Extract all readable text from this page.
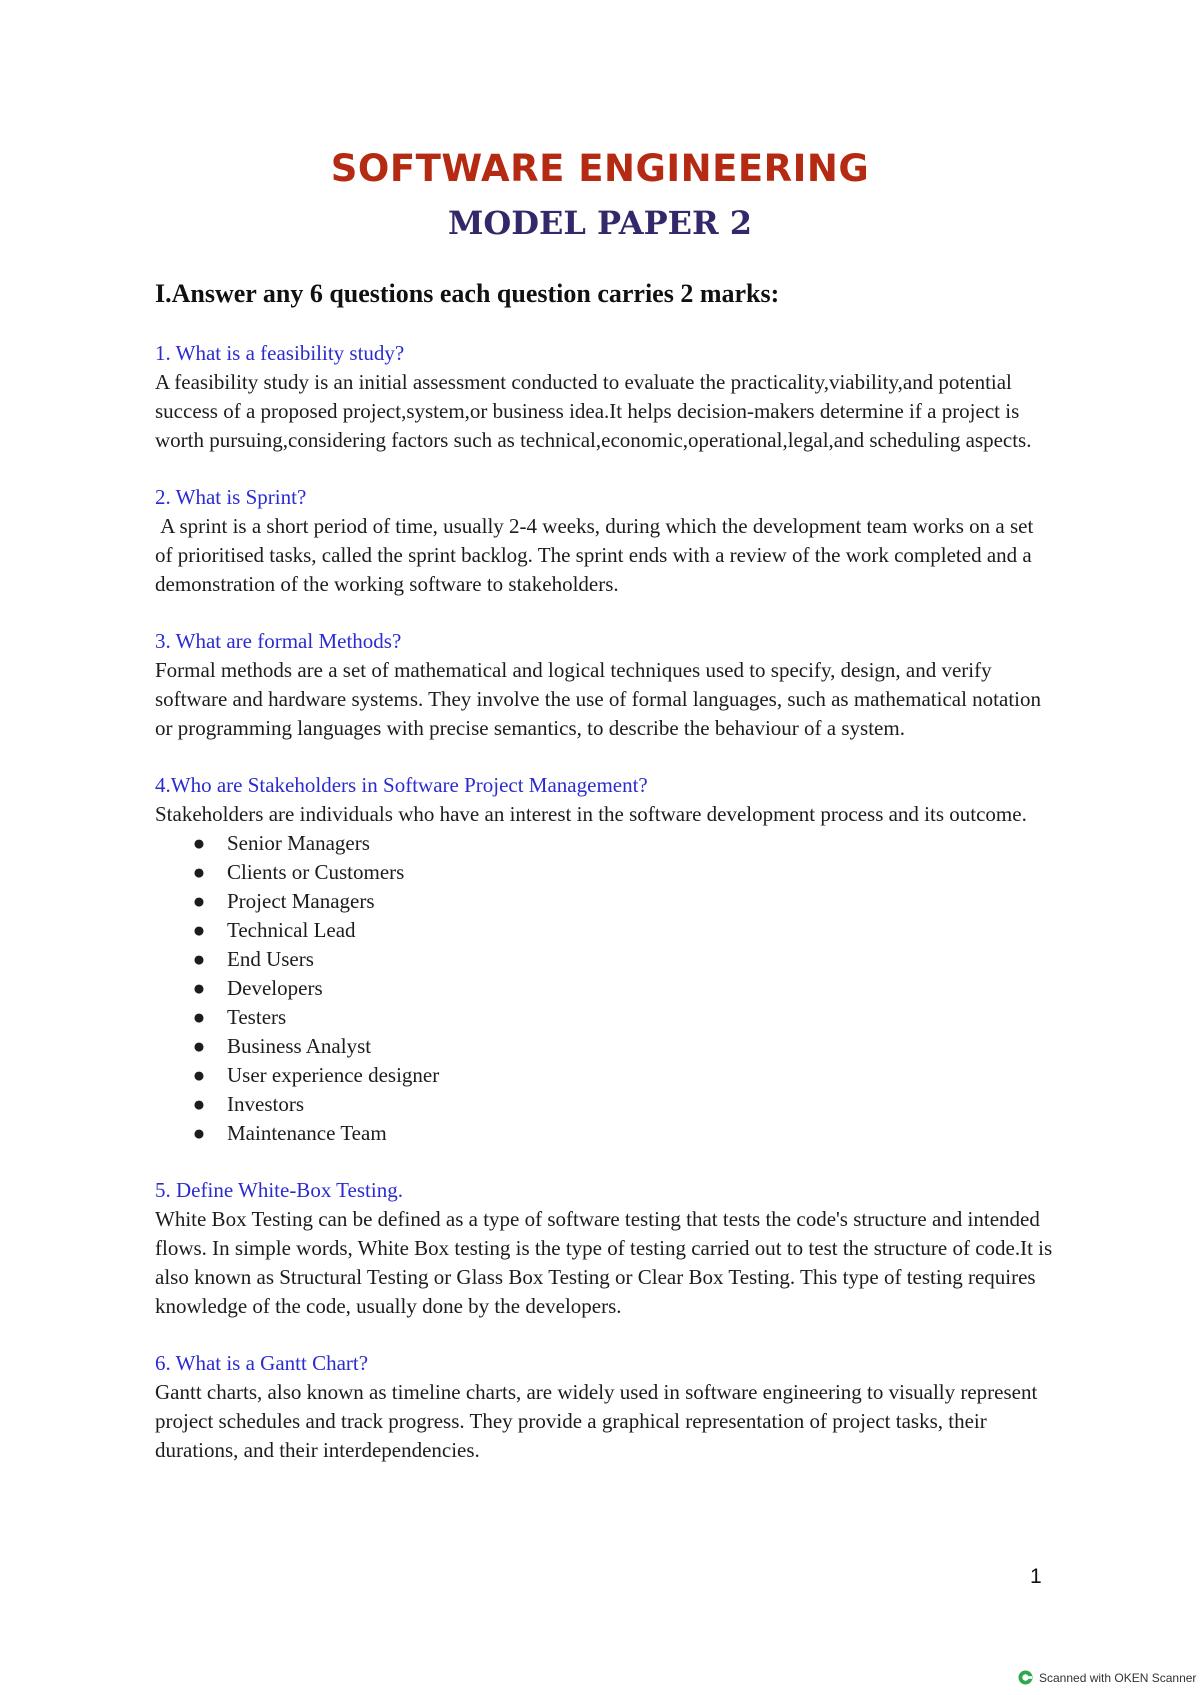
SOFTWARE ENGINEERING
MODEL PAPER 2
I.Answer any 6 questions each question carries 2 marks:

1. What is a feasibility study?

A feasibility study is an initial assessment conducted to evaluate the practicality,viability,and potential success of a proposed project,system,or business idea.It helps decision-makers determine if a project is worth pursuing,considering factors such as technical,economic,operational,legal,and scheduling aspects.

2. What is Sprint?

A sprint is a short period of time, usually 2-4 weeks, during which the development team works on a set of prioritised tasks, called the sprint backlog. The sprint ends with a review of the work completed and a demonstration of the working software to stakeholders.

3. What are formal Methods?

Formal methods are a set of mathematical and logical techniques used to specify, design, and verify software and hardware systems. They involve the use of formal languages, such as mathematical notation or programming languages with precise semantics, to describe the behaviour of a system.

4.Who are Stakeholders in Software Project Management?

Stakeholders are individuals who have an interest in the software development process and its outcome.

● Senior Managers
● Clients or Customers
● Project Managers
● Technical Lead
● End Users
● Developers
● Testers
● Business Analyst
● User experience designer
● Investors
● Maintenance Team

5. Define White-Box Testing.

White Box Testing can be defined as a type of software testing that tests the code's structure and intended flows. In simple words, White Box testing is the type of testing carried out to test the structure of code.It is also known as Structural Testing or Glass Box Testing or Clear Box Testing. This type of testing requires knowledge of the code, usually done by the developers.

6. What is a Gantt Chart?

Gantt charts, also known as timeline charts, are widely used in software engineering to visually represent project schedules and track progress. They provide a graphical representation of project tasks, their durations, and their interdependencies.

1
Scanned with OKEN Scanner
